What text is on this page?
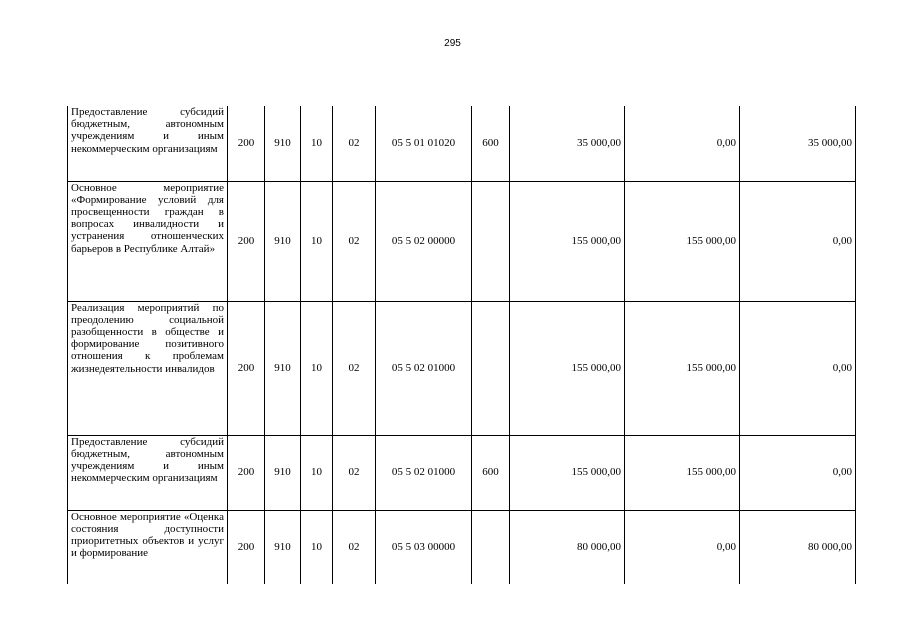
295
Предоставление субсидий бюджетным, автономным учреждениям и иным некоммерческим организациям	200	910	10	02	05 5 01 01020	600	35 000,00	0,00	35 000,00
Основное мероприятие «Формирование условий для просвещенности граждан в вопросах инвалидности и устранения отношенческих барьеров в Республике Алтай»	200	910	10	02	05 5 02 00000		155 000,00	155 000,00	0,00
Реализация мероприятий по преодолению социальной разобщенности в обществе и формирование позитивного отношения к проблемам жизнедеятельности инвалидов	200	910	10	02	05 5 02 01000		155 000,00	155 000,00	0,00
Предоставление субсидий бюджетным, автономным учреждениям и иным некоммерческим организациям	200	910	10	02	05 5 02 01000	600	155 000,00	155 000,00	0,00
Основное мероприятие «Оценка состояния доступности приоритетных объектов и услуг и формирование	200	910	10	02	05 5 03 00000		80 000,00	0,00	80 000,00
